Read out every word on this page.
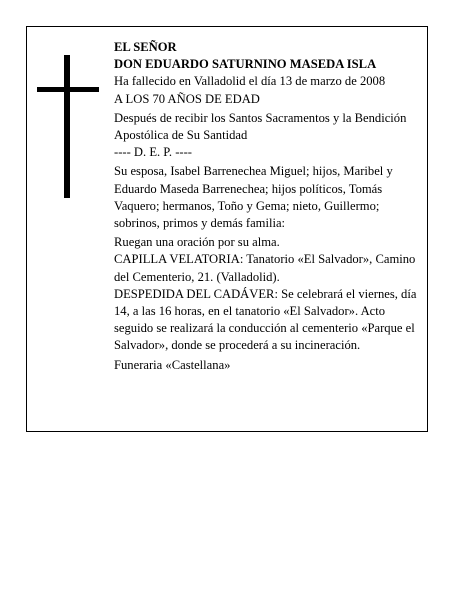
EL SEÑOR

DON EDUARDO SATURNINO MASEDA ISLA

Ha fallecido en Valladolid el día 13 de marzo de 2008

A LOS 70 AÑOS DE EDAD

Después de recibir los Santos Sacramentos y la Bendición Apostólica de Su Santidad

---- D. E. P. ----

Su esposa, Isabel Barrenechea Miguel; hijos, Maribel y Eduardo Maseda Barrenechea; hijos políticos, Tomás Vaquero; hermanos, Toño y Gema; nieto, Guillermo; sobrinos, primos y demás familia:

Ruegan una oración por su alma.

CAPILLA VELATORIA: Tanatorio «El Salvador», Camino del Cementerio, 21. (Valladolid).

DESPEDIDA DEL CADÁVER: Se celebrará el viernes, día 14, a las 16 horas, en el tanatorio «El Salvador». Acto seguido se realizará la conducción al cementerio «Parque el Salvador», donde se procederá a su incineración.

Funeraria «Castellana»
